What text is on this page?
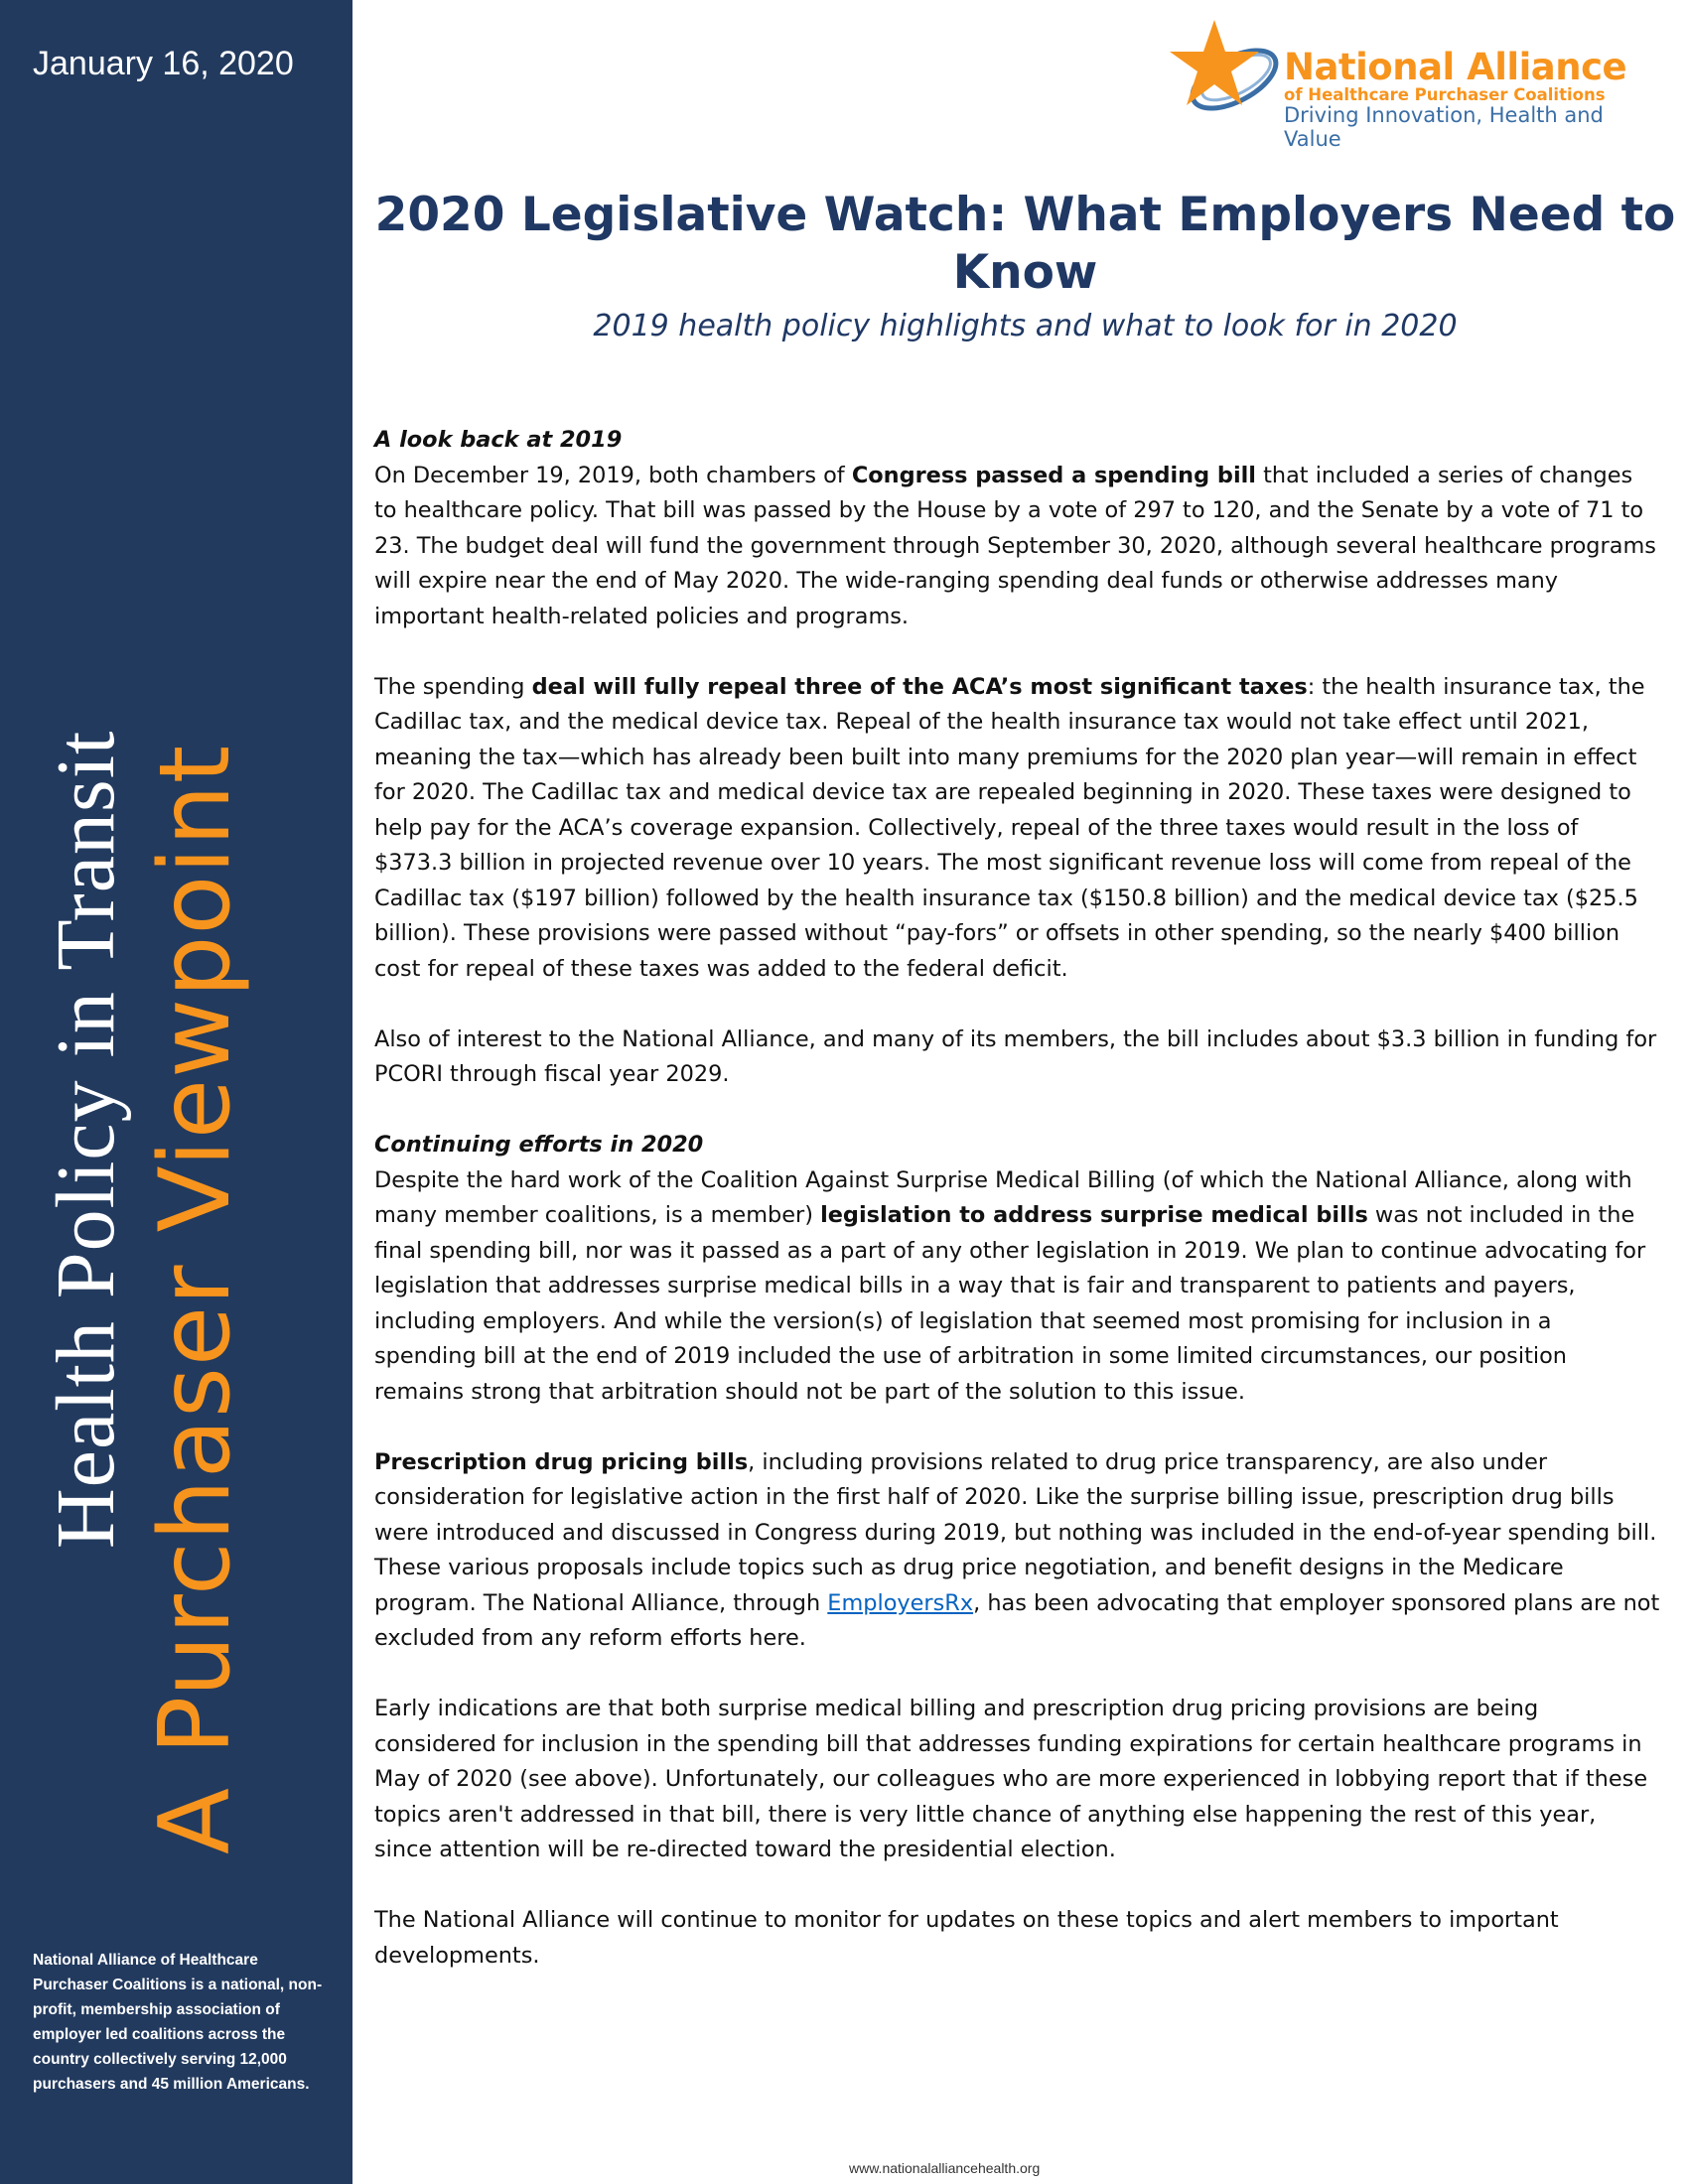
January 16, 2020
A Purchaser Viewpoint
Health Policy in Transit
National Alliance of Healthcare Purchaser Coalitions is a national, non-profit, membership association of employer led coalitions across the country collectively serving 12,000 purchasers and 45 million Americans.
National Alliance
of Healthcare Purchaser Coalitions
Driving Innovation, Health and Value
2020 Legislative Watch: What Employers Need to Know
2019 health policy highlights and what to look for in 2020
A look back at 2019

On December 19, 2019, both chambers of Congress passed a spending bill that included a series of changes to healthcare policy. That bill was passed by the House by a vote of 297 to 120, and the Senate by a vote of 71 to 23. The budget deal will fund the government through September 30, 2020, although several healthcare programs will expire near the end of May 2020. The wide-ranging spending deal funds or otherwise addresses many important health-related policies and programs.

The spending deal will fully repeal three of the ACA’s most significant taxes: the health insurance tax, the Cadillac tax, and the medical device tax. Repeal of the health insurance tax would not take effect until 2021, meaning the tax—which has already been built into many premiums for the 2020 plan year—will remain in effect for 2020. The Cadillac tax and medical device tax are repealed beginning in 2020. These taxes were designed to help pay for the ACA’s coverage expansion. Collectively, repeal of the three taxes would result in the loss of $373.3 billion in projected revenue over 10 years. The most significant revenue loss will come from repeal of the Cadillac tax ($197 billion) followed by the health insurance tax ($150.8 billion) and the medical device tax ($25.5 billion). These provisions were passed without “pay-fors” or offsets in other spending, so the nearly $400 billion cost for repeal of these taxes was added to the federal deficit.

Also of interest to the National Alliance, and many of its members, the bill includes about $3.3 billion in funding for PCORI through fiscal year 2029.

Continuing efforts in 2020

Despite the hard work of the Coalition Against Surprise Medical Billing (of which the National Alliance, along with many member coalitions, is a member) legislation to address surprise medical bills was not included in the final spending bill, nor was it passed as a part of any other legislation in 2019. We plan to continue advocating for legislation that addresses surprise medical bills in a way that is fair and transparent to patients and payers, including employers. And while the version(s) of legislation that seemed most promising for inclusion in a spending bill at the end of 2019 included the use of arbitration in some limited circumstances, our position remains strong that arbitration should not be part of the solution to this issue.

Prescription drug pricing bills, including provisions related to drug price transparency, are also under consideration for legislative action in the first half of 2020. Like the surprise billing issue, prescription drug bills were introduced and discussed in Congress during 2019, but nothing was included in the end-of-year spending bill. These various proposals include topics such as drug price negotiation, and benefit designs in the Medicare program. The National Alliance, through EmployersRx, has been advocating that employer sponsored plans are not excluded from any reform efforts here.

Early indications are that both surprise medical billing and prescription drug pricing provisions are being considered for inclusion in the spending bill that addresses funding expirations for certain healthcare programs in May of 2020 (see above). Unfortunately, our colleagues who are more experienced in lobbying report that if these topics aren't addressed in that bill, there is very little chance of anything else happening the rest of this year, since attention will be re-directed toward the presidential election.

The National Alliance will continue to monitor for updates on these topics and alert members to important developments.

www.nationalalliancehealth.org
